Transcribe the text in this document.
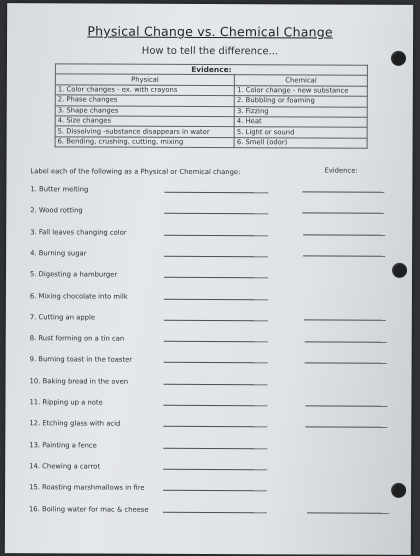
Physical Change vs. Chemical Change
How to tell the difference...
Evidence:	
Physical	Chemical
1. Color changes - ex. with crayons	1. Color change - new substance
2. Phase changes	2. Bubbling or foaming
3. Shape changes	3. Fizzing
4. Size changes	4. Heat
5. Dissolving -substance disappears in water	5. Light or sound
6. Bending, crushing, cutting, mixing	6. Smell (odor)
Label each of the following as a Physical or Chemical change:	Evidence:
1. Butter melting
2. Wood rotting
3. Fall leaves changing color
4. Burning sugar
5. Digesting a hamburger
6. Mixing chocolate into milk
7. Cutting an apple
8. Rust forming on a tin can
9. Burning toast in the toaster
10. Baking bread in the oven
11. Ripping up a note
12. Etching glass with acid
13. Painting a fence
14. Chewing a carrot
15. Roasting marshmallows in fire
16. Boiling water for mac & cheese
